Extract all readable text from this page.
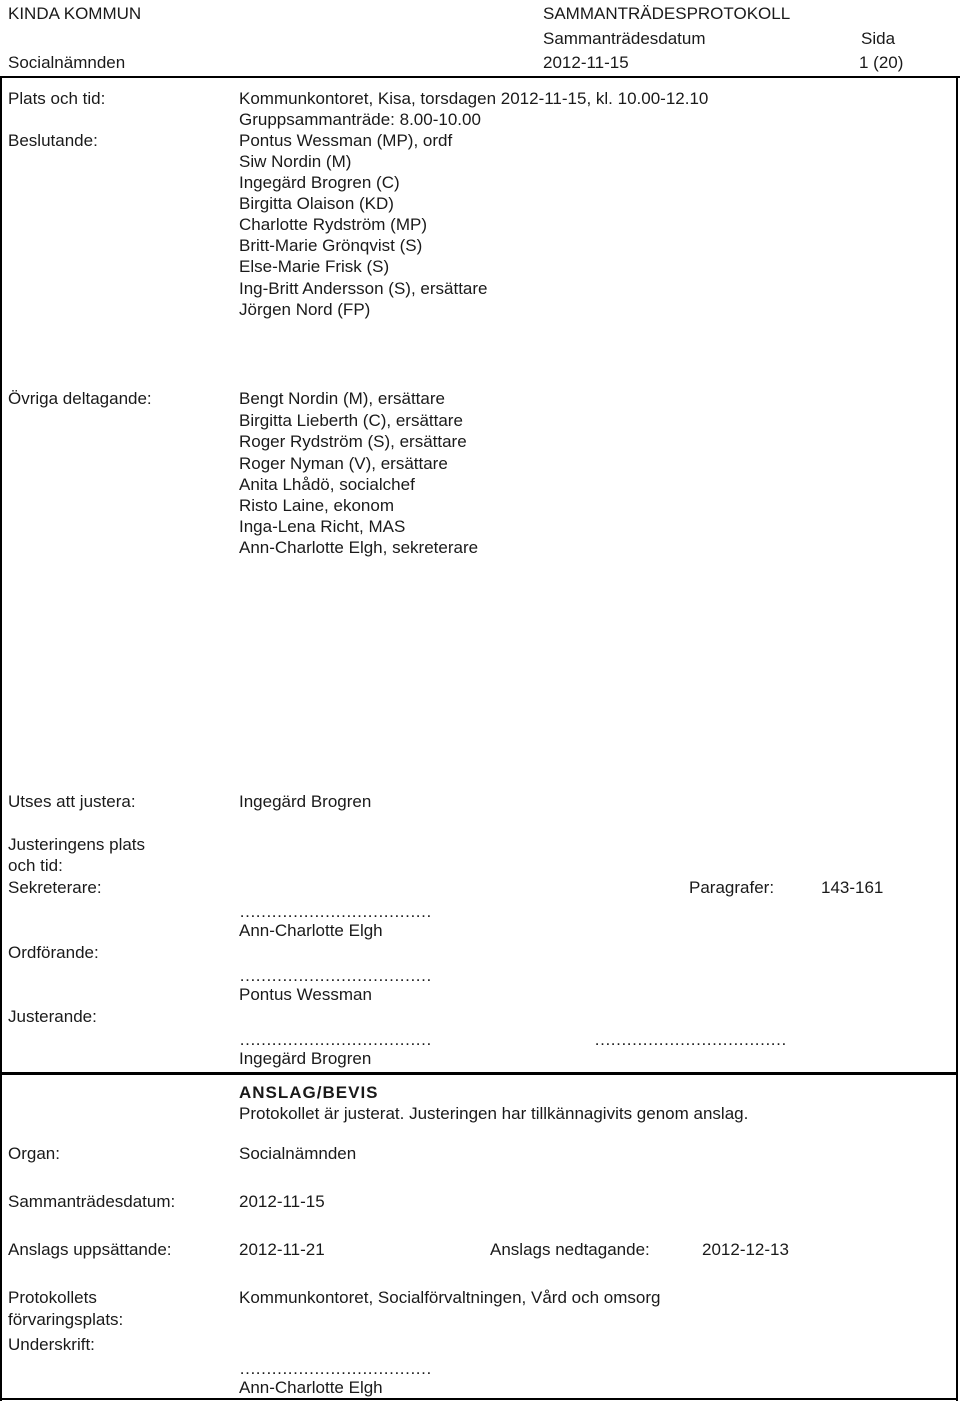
KINDA KOMMUN	SAMMANTRÄDESPROTOKOLL
Sammanträdesdatum	Sida
Socialnämnden	2012-11-15	1 (20)
Plats och tid:	Kommunkontoret, Kisa, torsdagen 2012-11-15, kl. 10.00-12.10
Gruppsammanträde: 8.00-10.00
Beslutande:	Pontus Wessman (MP), ordf
Siw Nordin (M)
Ingegärd Brogren (C)
Birgitta Olaison (KD)
Charlotte Rydström (MP)
Britt-Marie Grönqvist (S)
Else-Marie Frisk (S)
Ing-Britt Andersson (S), ersättare
Jörgen Nord (FP)
Övriga deltagande:	Bengt Nordin (M), ersättare
Birgitta Lieberth (C), ersättare
Roger Rydström (S), ersättare
Roger Nyman (V), ersättare
Anita Lhådö, socialchef
Risto Laine, ekonom
Inga-Lena Richt, MAS
Ann-Charlotte Elgh, sekreterare
Utses att justera:	Ingegärd Brogren
Justeringens plats
och tid:
Sekreterare:	Paragrafer:	143-161
………………………………
Ann-Charlotte Elgh
Ordförande:
………………………………
Pontus Wessman
Justerande:
………………………………	………………………………
Ingegärd Brogren
ANSLAG/BEVIS
Protokollet är justerat. Justeringen har tillkännagivits genom anslag.
Organ:	Socialnämnden
Sammanträdesdatum:	2012-11-15
Anslags uppsättande:	2012-11-21	Anslags nedtagande:	2012-12-13
Protokollets
förvaringsplats:
Kommunkontoret, Socialförvaltningen, Vård och omsorg
Underskrift:
………………………………
Ann-Charlotte Elgh
